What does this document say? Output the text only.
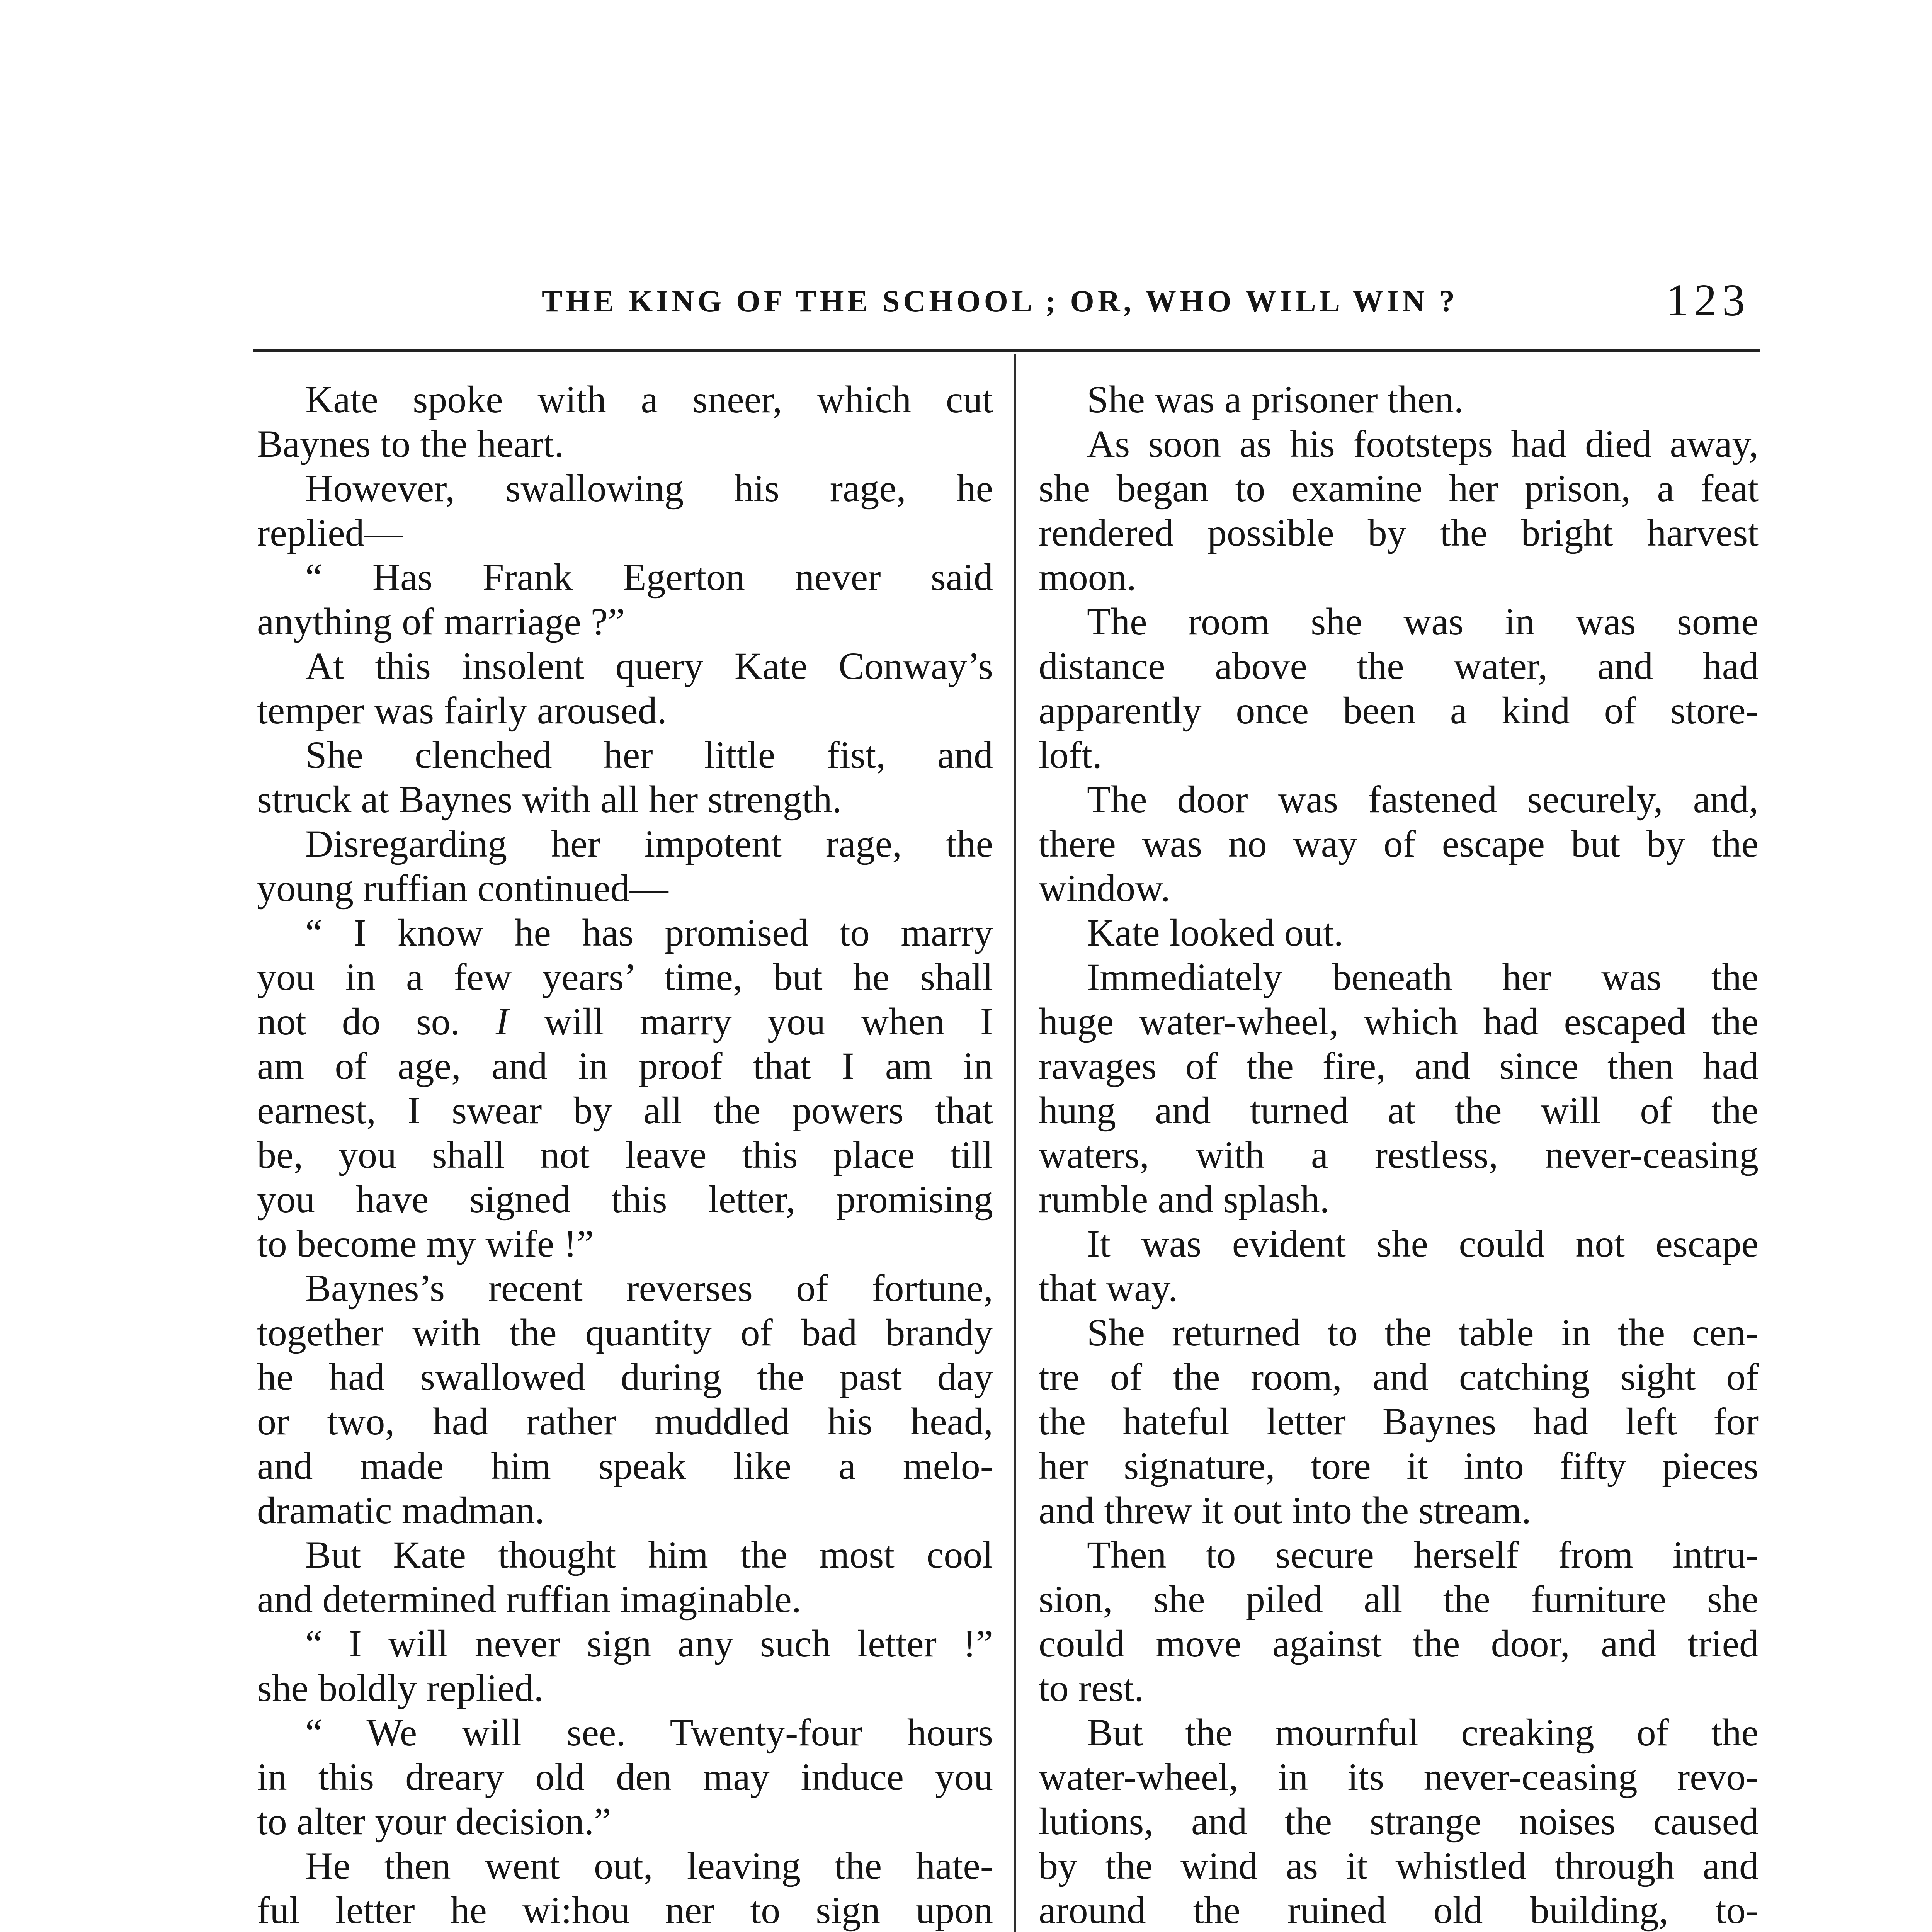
THE KING OF THE SCHOOL ; OR, WHO WILL WIN ?	123
Kate spoke with a sneer, which cut
Baynes to the heart.
However, swallowing his rage, he
replied—
“ Has Frank Egerton never said
anything of marriage ?”
At this insolent query Kate Conway’s
temper was fairly aroused.
She clenched her little fist, and
struck at Baynes with all her strength.
Disregarding her impotent rage, the
young ruffian continued—
“ I know he has promised to marry
you in a few years’ time, but he shall
not do so. I will marry you when I
am of age, and in proof that I am in
earnest, I swear by all the powers that
be, you shall not leave this place till
you have signed this letter, promising
to become my wife !”
Baynes’s recent reverses of fortune,
together with the quantity of bad brandy
he had swallowed during the past day
or two, had rather muddled his head,
and made him speak like a melo-
dramatic madman.
But Kate thought him the most cool
and determined ruffian imaginable.
“ I will never sign any such letter !”
she boldly replied.
“ We will see. Twenty-four hours
in this dreary old den may induce you
to alter your decision.”
He then went out, leaving the hate-
ful letter he wi:hou ner to sign upon
She was a prisoner then.
As soon as his footsteps had died away,
she began to examine her prison, a feat
rendered possible by the bright harvest
moon.
The room she was in was some
distance above the water, and had
apparently once been a kind of store-
loft.
The door was fastened securely, and,
there was no way of escape but by the
window.
Kate looked out.
Immediately beneath her was the
huge water-wheel, which had escaped the
ravages of the fire, and since then had
hung and turned at the will of the
waters, with a restless, never-ceasing
rumble and splash.
It was evident she could not escape
that way.
She returned to the table in the cen-
tre of the room, and catching sight of
the hateful letter Baynes had left for
her signature, tore it into fifty pieces
and threw it out into the stream.
Then to secure herself from intru-
sion, she piled all the furniture she
could move against the door, and tried
to rest.
But the mournful creaking of the
water-wheel, in its never-ceasing revo-
lutions, and the strange noises caused
by the wind as it whistled through and
around the ruined old building, to-
